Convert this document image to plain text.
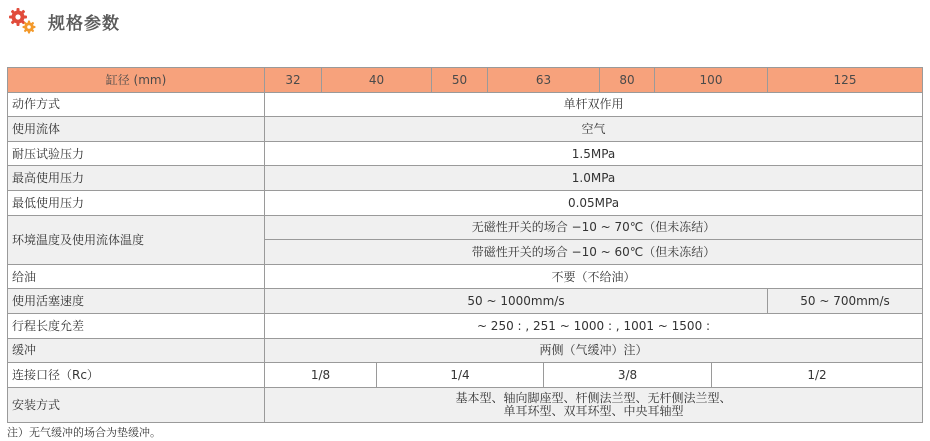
规格参数
缸径 (mm)	32	40		50	63		80	100		125
动作方式	单杆双作用									
使用流体	空气									
耐压试验压力	1.5MPa									
最高使用压力	1.0MPa									
最低使用压力	0.05MPa									
环境温度及使用流体温度	无磁性开关的场合 −10 ~ 70℃（但未冻结）									
	带磁性开关的场合 −10 ~ 60℃（但未冻结）									
给油	不要（不给油）									
使用活塞速度	50 ~ 1000mm/s									50 ~ 700mm/s
行程长度允差	~ 250 : , 251 ~ 1000 : , 1001 ~ 1500 :									
缓冲	两侧（气缓冲）注）									
连接口径（Rc）	1/8		1/4			3/8			1/2	
安装方式	基本型、轴向脚座型、杆侧法兰型、无杆侧法兰型、
单耳环型、双耳环型、中央耳轴型									
注）无气缓冲的场合为垫缓冲。
